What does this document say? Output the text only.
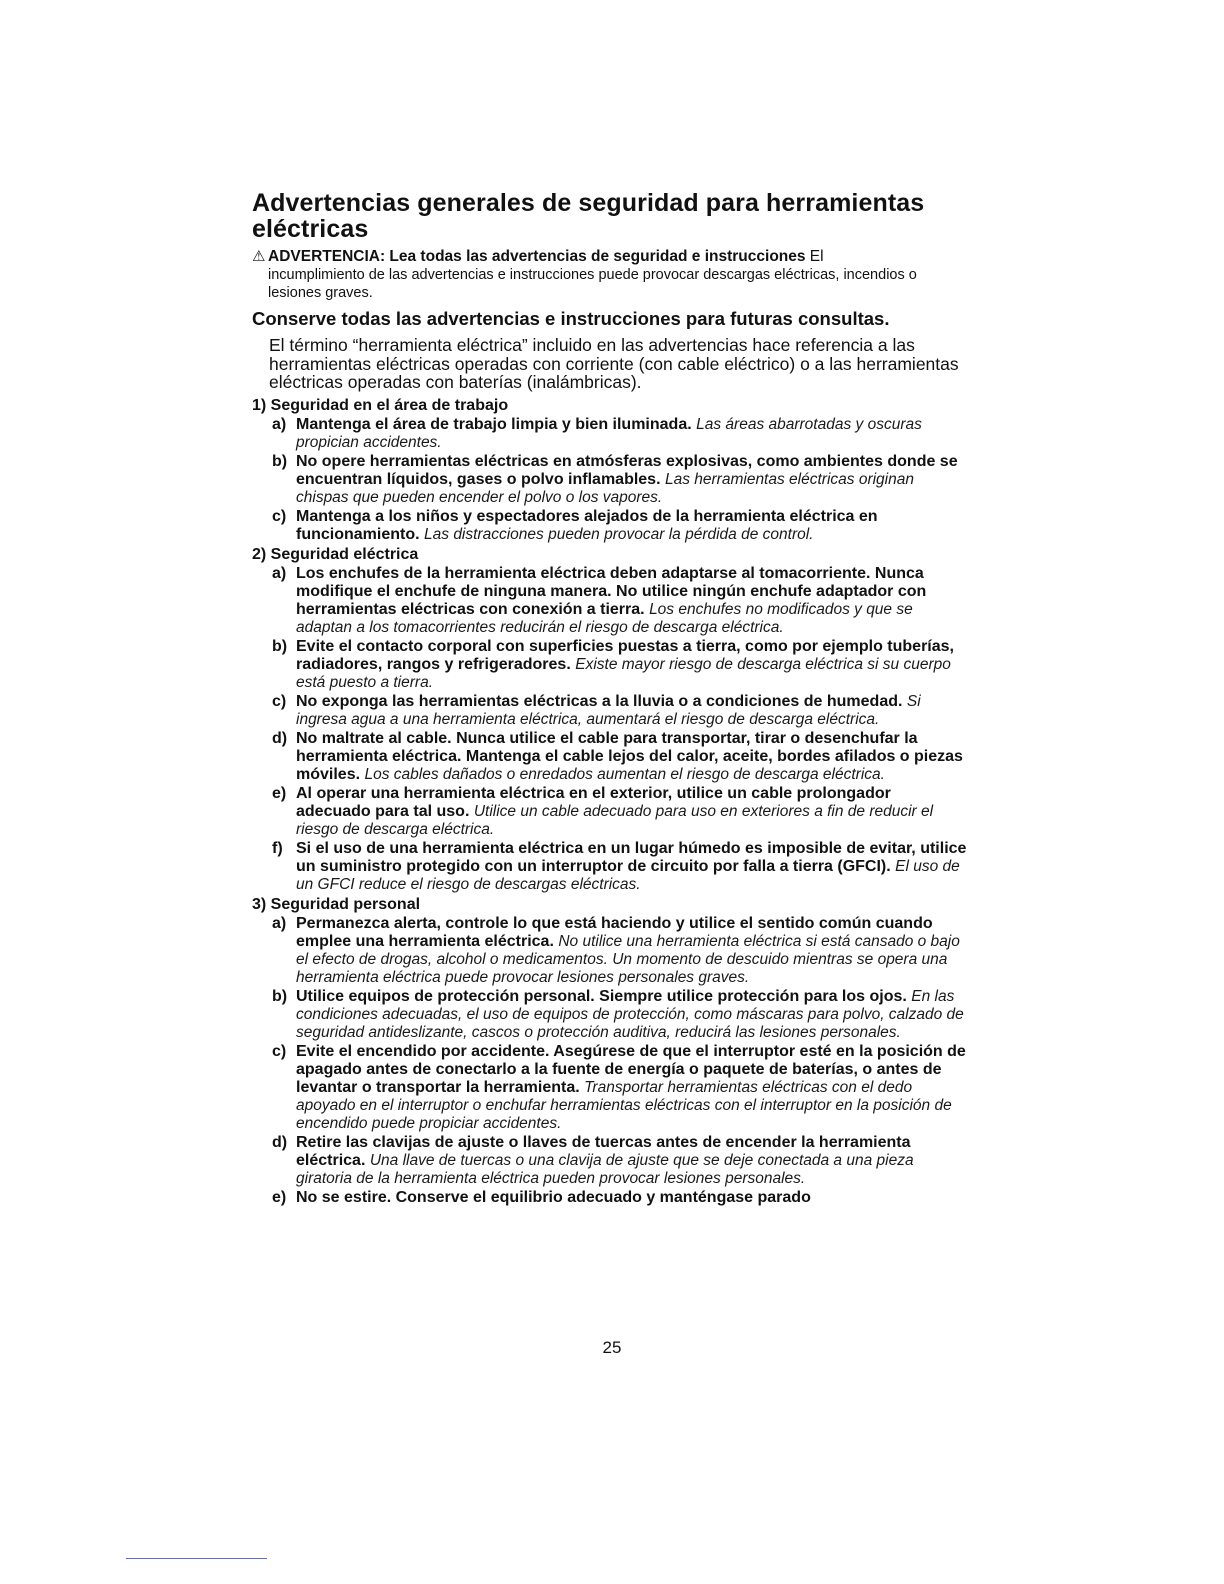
Advertencias generales de seguridad para herramientas eléctricas

⚠ ADVERTENCIA: Lea todas las advertencias de seguridad e instrucciones El
incumplimiento de las advertencias e instrucciones puede provocar descargas eléctricas, incendios o lesiones graves.

Conserve todas las advertencias e instrucciones para futuras consultas.

El término “herramienta eléctrica” incluido en las advertencias hace referencia a las herramientas eléctricas operadas con corriente (con cable eléctrico) o a las herramientas eléctricas operadas con baterías (inalámbricas).

1) Seguridad en el área de trabajo
a) Mantenga el área de trabajo limpia y bien iluminada. Las áreas abarrotadas y oscuras propician accidentes.
b) No opere herramientas eléctricas en atmósferas explosivas, como ambientes donde se encuentran líquidos, gases o polvo inflamables. Las herramientas eléctricas originan chispas que pueden encender el polvo o los vapores.
c) Mantenga a los niños y espectadores alejados de la herramienta eléctrica en funcionamiento. Las distracciones pueden provocar la pérdida de control.
2) Seguridad eléctrica
a) Los enchufes de la herramienta eléctrica deben adaptarse al tomacorriente. Nunca modifique el enchufe de ninguna manera. No utilice ningún enchufe adaptador con herramientas eléctricas con conexión a tierra. Los enchufes no modificados y que se adaptan a los tomacorrientes reducirán el riesgo de descarga eléctrica.
b) Evite el contacto corporal con superficies puestas a tierra, como por ejemplo tuberías, radiadores, rangos y refrigeradores. Existe mayor riesgo de descarga eléctrica si su cuerpo está puesto a tierra.
c) No exponga las herramientas eléctricas a la lluvia o a condiciones de humedad. Si ingresa agua a una herramienta eléctrica, aumentará el riesgo de descarga eléctrica.
d) No maltrate al cable. Nunca utilice el cable para transportar, tirar o desenchufar la herramienta eléctrica. Mantenga el cable lejos del calor, aceite, bordes afilados o piezas móviles. Los cables dañados o enredados aumentan el riesgo de descarga eléctrica.
e) Al operar una herramienta eléctrica en el exterior, utilice un cable prolongador adecuado para tal uso. Utilice un cable adecuado para uso en exteriores a fin de reducir el riesgo de descarga eléctrica.
f) Si el uso de una herramienta eléctrica en un lugar húmedo es imposible de evitar, utilice un suministro protegido con un interruptor de circuito por falla a tierra (GFCI). El uso de un GFCI reduce el riesgo de descargas eléctricas.
3) Seguridad personal
a) Permanezca alerta, controle lo que está haciendo y utilice el sentido común cuando emplee una herramienta eléctrica. No utilice una herramienta eléctrica si está cansado o bajo el efecto de drogas, alcohol o medicamentos. Un momento de descuido mientras se opera una herramienta eléctrica puede provocar lesiones personales graves.
b) Utilice equipos de protección personal. Siempre utilice protección para los ojos. En las condiciones adecuadas, el uso de equipos de protección, como máscaras para polvo, calzado de seguridad antideslizante, cascos o protección auditiva, reducirá las lesiones personales.
c) Evite el encendido por accidente. Asegúrese de que el interruptor esté en la posición de apagado antes de conectarlo a la fuente de energía o paquete de baterías, o antes de levantar o transportar la herramienta. Transportar herramientas eléctricas con el dedo apoyado en el interruptor o enchufar herramientas eléctricas con el interruptor en la posición de encendido puede propiciar accidentes.
d) Retire las clavijas de ajuste o llaves de tuercas antes de encender la herramienta eléctrica. Una llave de tuercas o una clavija de ajuste que se deje conectada a una pieza giratoria de la herramienta eléctrica pueden provocar lesiones personales.
e) No se estire. Conserve el equilibrio adecuado y manténgase parado
25
